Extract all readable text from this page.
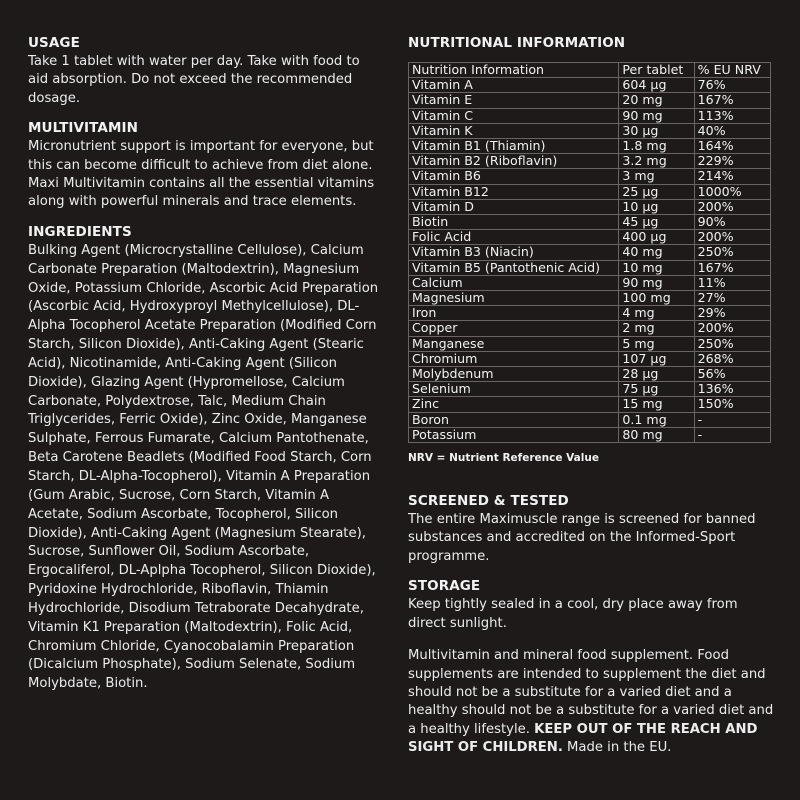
USAGE

Take 1 tablet with water per day. Take with food to aid absorption. Do not exceed the recommended dosage.

MULTIVITAMIN

Micronutrient support is important for everyone, but this can become difficult to achieve from diet alone. Maxi Multivitamin contains all the essential vitamins along with powerful minerals and trace elements.

INGREDIENTS

Bulking Agent (Microcrystalline Cellulose), Calcium Carbonate Preparation (Maltodextrin), Magnesium Oxide, Potassium Chloride, Ascorbic Acid Preparation (Ascorbic Acid, Hydroxyproyl Methylcellulose), DL-Alpha Tocopherol Acetate Preparation (Modified Corn Starch, Silicon Dioxide), Anti-Caking Agent (Stearic Acid), Nicotinamide, Anti-Caking Agent (Silicon Dioxide), Glazing Agent (Hypromellose, Calcium Carbonate, Polydextrose, Talc, Medium Chain Triglycerides, Ferric Oxide), Zinc Oxide, Manganese Sulphate, Ferrous Fumarate, Calcium Pantothenate, Beta Carotene Beadlets (Modified Food Starch, Corn Starch, DL-Alpha-Tocopherol), Vitamin A Preparation (Gum Arabic, Sucrose, Corn Starch, Vitamin A Acetate, Sodium Ascorbate, Tocopherol, Silicon Dioxide), Anti-Caking Agent (Magnesium Stearate), Sucrose, Sunflower Oil, Sodium Ascorbate, Ergocaliferol, DL-Aplpha Tocopherol, Silicon Dioxide), Pyridoxine Hydrochloride, Riboflavin, Thiamin Hydrochloride, Disodium Tetraborate Decahydrate, Vitamin K1 Preparation (Maltodextrin), Folic Acid, Chromium Chloride, Cyanocobalamin Preparation (Dicalcium Phosphate), Sodium Selenate, Sodium Molybdate, Biotin.

NUTRITIONAL INFORMATION
Nutrition Information	Per tablet	% EU NRV
Vitamin A	604 µg	76%
Vitamin E	20 mg	167%
Vitamin C	90 mg	113%
Vitamin K	30 µg	40%
Vitamin B1 (Thiamin)	1.8 mg	164%
Vitamin B2 (Riboflavin)	3.2 mg	229%
Vitamin B6	3 mg	214%
Vitamin B12	25 µg	1000%
Vitamin D	10 µg	200%
Biotin	45 µg	90%
Folic Acid	400 µg	200%
Vitamin B3 (Niacin)	40 mg	250%
Vitamin B5 (Pantothenic Acid)	10 mg	167%
Calcium	90 mg	11%
Magnesium	100 mg	27%
Iron	4 mg	29%
Copper	2 mg	200%
Manganese	5 mg	250%
Chromium	107 µg	268%
Molybdenum	28 µg	56%
Selenium	75 µg	136%
Zinc	15 mg	150%
Boron	0.1 mg	-
Potassium	80 mg	-
NRV = Nutrient Reference Value
SCREENED & TESTED

The entire Maximuscle range is screened for banned substances and accredited on the Informed-Sport programme.

STORAGE

Keep tightly sealed in a cool, dry place away from direct sunlight.

Multivitamin and mineral food supplement. Food supplements are intended to supplement the diet and should not be a substitute for a varied diet and a healthy should not be a substitute for a varied diet and a healthy lifestyle. KEEP OUT OF THE REACH AND SIGHT OF CHILDREN. Made in the EU.
